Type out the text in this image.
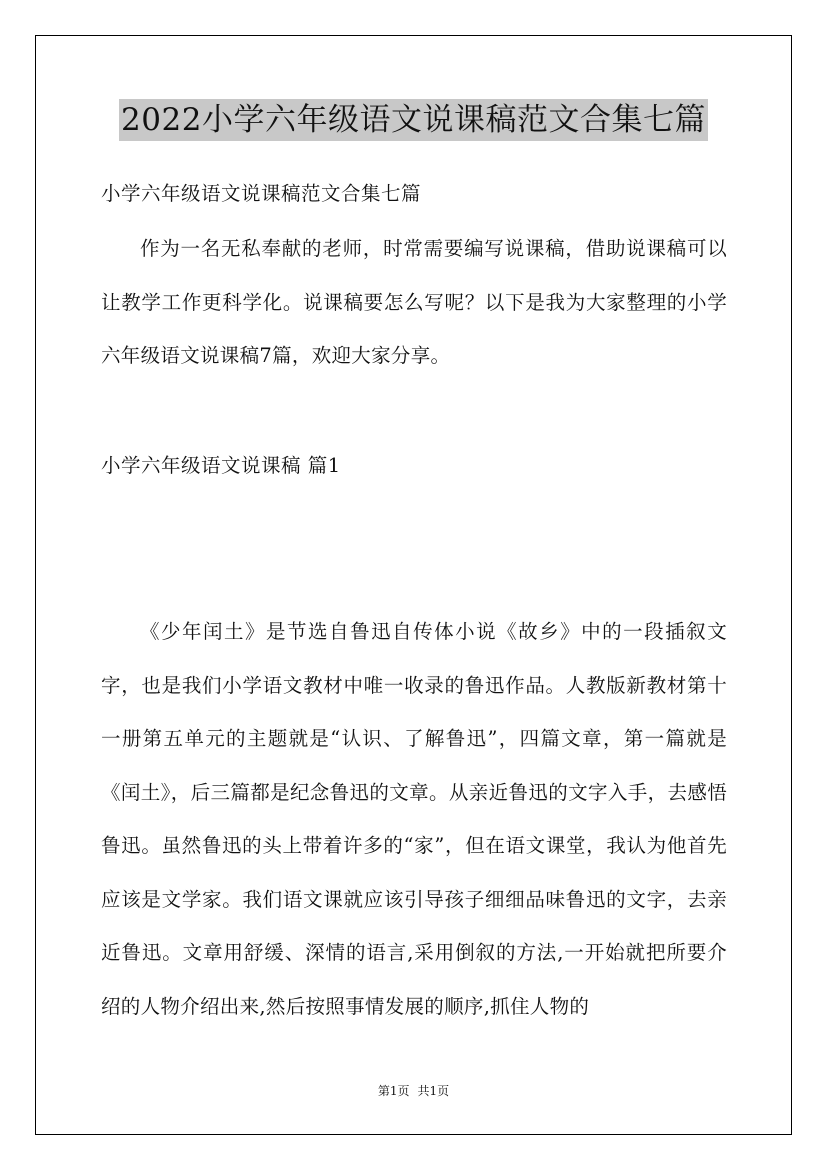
2022小学六年级语文说课稿范文合集七篇
小学六年级语文说课稿范文合集七篇

作为一名无私奉献的老师，时常需要编写说课稿，借助说课稿可以让教学工作更科学化。说课稿要怎么写呢？以下是我为大家整理的小学六年级语文说课稿7篇，欢迎大家分享。

小学六年级语文说课稿 篇1

《少年闰土》是节选自鲁迅自传体小说《故乡》中的一段插叙文字，也是我们小学语文教材中唯一收录的鲁迅作品。人教版新教材第十一册第五单元的主题就是“认识、了解鲁迅”，四篇文章，第一篇就是《闰土》，后三篇都是纪念鲁迅的文章。从亲近鲁迅的文字入手，去感悟鲁迅。虽然鲁迅的头上带着许多的“家”，但在语文课堂，我认为他首先应该是文学家。我们语文课就应该引导孩子细细品味鲁迅的文字，去亲近鲁迅。文章用舒缓、深情的语言,采用倒叙的方法,一开始就把所要介绍的人物介绍出来,然后按照事情发展的顺序,抓住人物的

第1页 共1页
